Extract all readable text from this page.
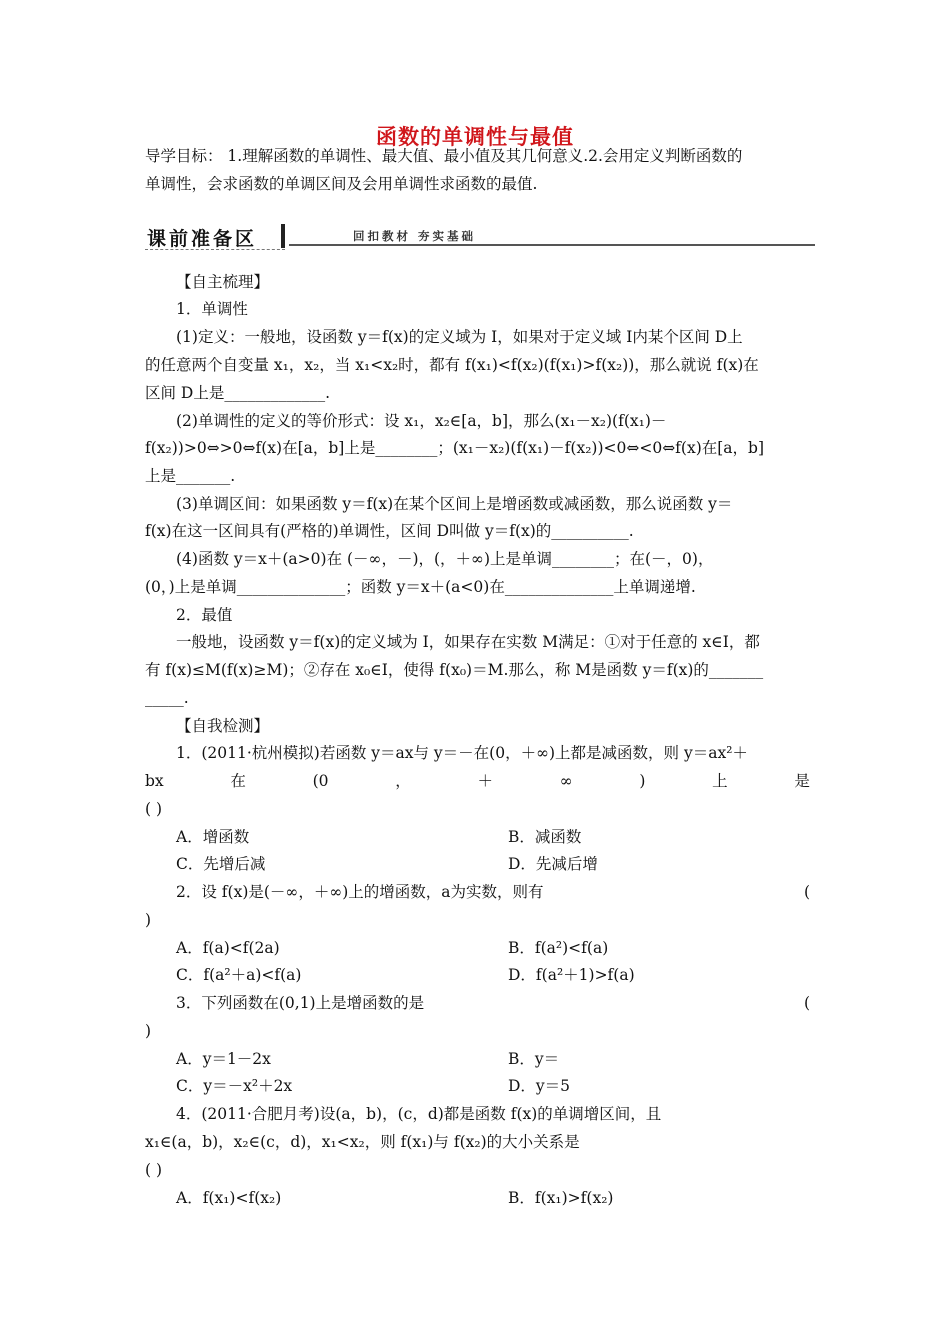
函数的单调性与最值
导学目标： 1.理解函数的单调性、最大值、最小值及其几何意义.2.会用定义判断函数的
单调性，会求函数的单调区间及会用单调性求函数的最值.
课前准备区	回扣教材 夯实基础
【自主梳理】
1．单调性
(1)定义：一般地，设函数 y＝f(x)的定义域为 I，如果对于定义域 I内某个区间 D上
的任意两个自变量 x₁，x₂，当 x₁<x₂时，都有 f(x₁)<f(x₂)(f(x₁)>f(x₂))，那么就说 f(x)在
区间 D上是_____________.
(2)单调性的定义的等价形式：设 x₁，x₂∈[a，b]，那么(x₁－x₂)(f(x₁)－
f(x₂))>0⇔>0⇔f(x)在[a，b]上是________；(x₁－x₂)(f(x₁)－f(x₂))<0⇔<0⇔f(x)在[a，b]
上是_______.
(3)单调区间：如果函数 y＝f(x)在某个区间上是增函数或减函数，那么说函数 y＝
f(x)在这一区间具有(严格的)单调性，区间 D叫做 y＝f(x)的__________.
(4)函数 y＝x＋(a>0)在 (－∞，－)，(，＋∞)上是单调________；在(－，0)，
(0，)上是单调______________；函数 y＝x＋(a<0)在______________上单调递增.
2．最值
一般地，设函数 y＝f(x)的定义域为 I，如果存在实数 M满足：①对于任意的 x∈I，都
有 f(x)≤M(f(x)≥M)；②存在 x₀∈I，使得 f(x₀)＝M.那么，称 M是函数 y＝f(x)的_______
_____.
【自我检测】
1．(2011·杭州模拟)若函数 y＝ax与 y＝－在(0，＋∞)上都是减函数，则 y＝ax²＋
bx	在	(0	，	＋	∞	)	上	是
( )
A．增函数	B．减函数
C．先增后减	D．先减后增
2．设 f(x)是(－∞，＋∞)上的增函数，a为实数，则有	(
)
A．f(a)<f(2a)	B．f(a²)<f(a)
C．f(a²＋a)<f(a)	D．f(a²＋1)>f(a)
3．下列函数在(0,1)上是增函数的是	(
)
A．y＝1－2x	B．y＝
C．y＝－x²＋2x	D．y＝5
4．(2011·合肥月考)设(a，b)，(c，d)都是函数 f(x)的单调增区间，且
x₁∈(a，b)，x₂∈(c，d)，x₁<x₂，则 f(x₁)与 f(x₂)的大小关系是
( )
A．f(x₁)<f(x₂)	B．f(x₁)>f(x₂)
